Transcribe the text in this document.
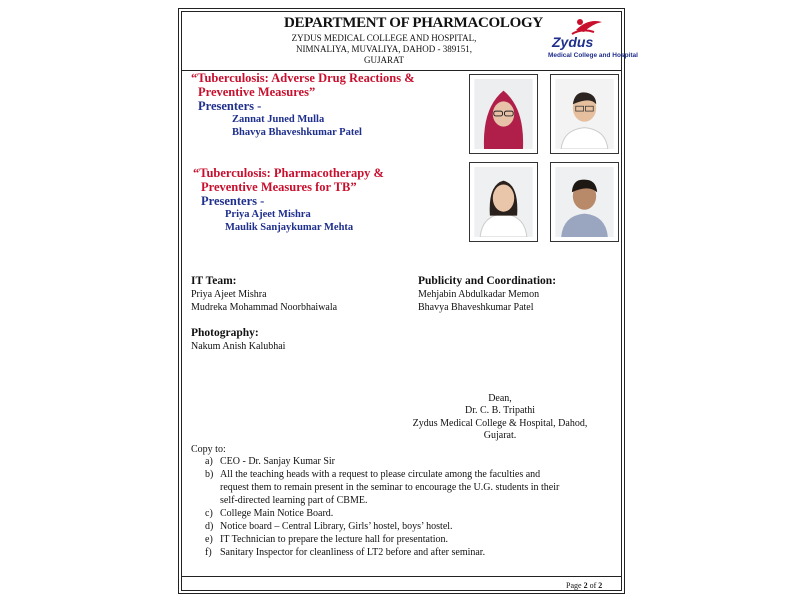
DEPARTMENT OF PHARMACOLOGY
ZYDUS MEDICAL COLLEGE AND HOSPITAL,
NIMNALIYA, MUVALIYA, DAHOD - 389151,
GUJARAT
Zydus
Medical College and Hospital
“Tuberculosis: Adverse Drug Reactions &
Preventive Measures”
Presenters -
Zannat Juned Mulla
Bhavya Bhaveshkumar Patel
“Tuberculosis: Pharmacotherapy &
Preventive Measures for TB”
Presenters -
Priya Ajeet Mishra
Maulik Sanjaykumar Mehta
IT Team:
Priya Ajeet Mishra
Mudreka Mohammad Noorbhaiwala
Publicity and Coordination:
Mehjabin Abdulkadar Memon
Bhavya Bhaveshkumar Patel
Photography:
Nakum Anish Kalubhai
Dean,
Dr. C. B. Tripathi
Zydus Medical College & Hospital, Dahod,
Gujarat.
Copy to:
a) CEO - Dr. Sanjay Kumar Sir
b) All the teaching heads with a request to please circulate among the faculties and
request them to remain present in the seminar to encourage the U.G. students in their
self-directed learning part of CBME.
c) College Main Notice Board.
d) Notice board – Central Library, Girls’ hostel, boys’ hostel.
e) IT Technician to prepare the lecture hall for presentation.
f) Sanitary Inspector for cleanliness of LT2 before and after seminar.
Page 2 of 2
